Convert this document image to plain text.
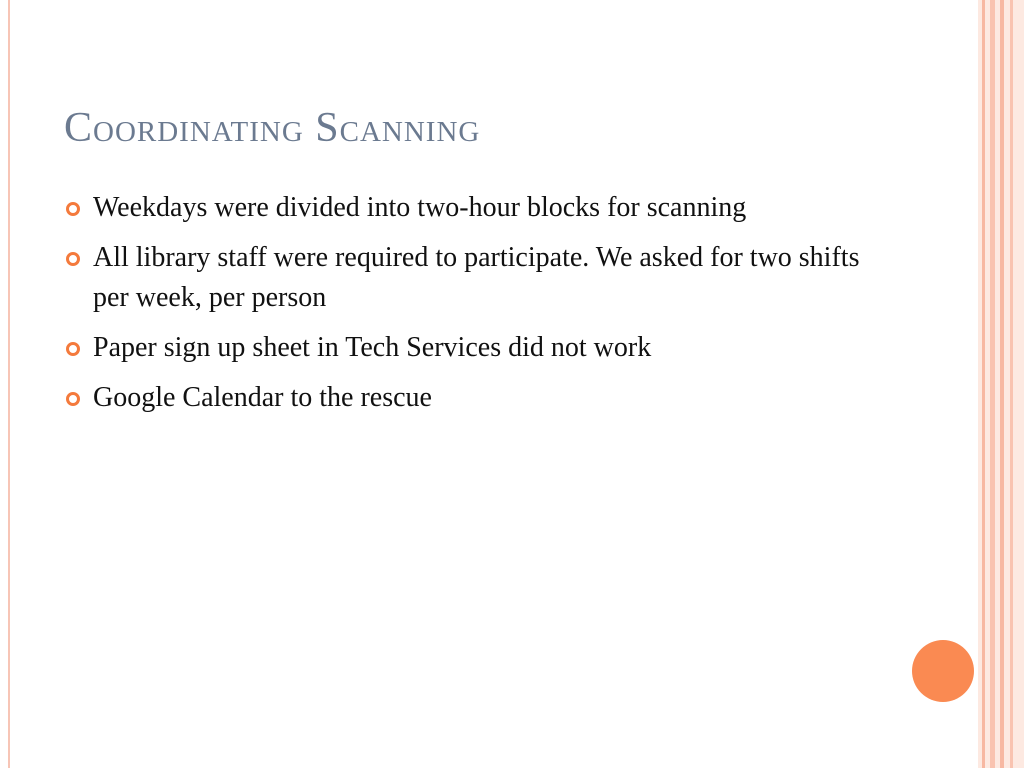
Coordinating Scanning
Weekdays were divided into two-hour blocks for scanning
All library staff were required to participate. We asked for two shifts per week, per person
Paper sign up sheet in Tech Services did not work
Google Calendar to the rescue
